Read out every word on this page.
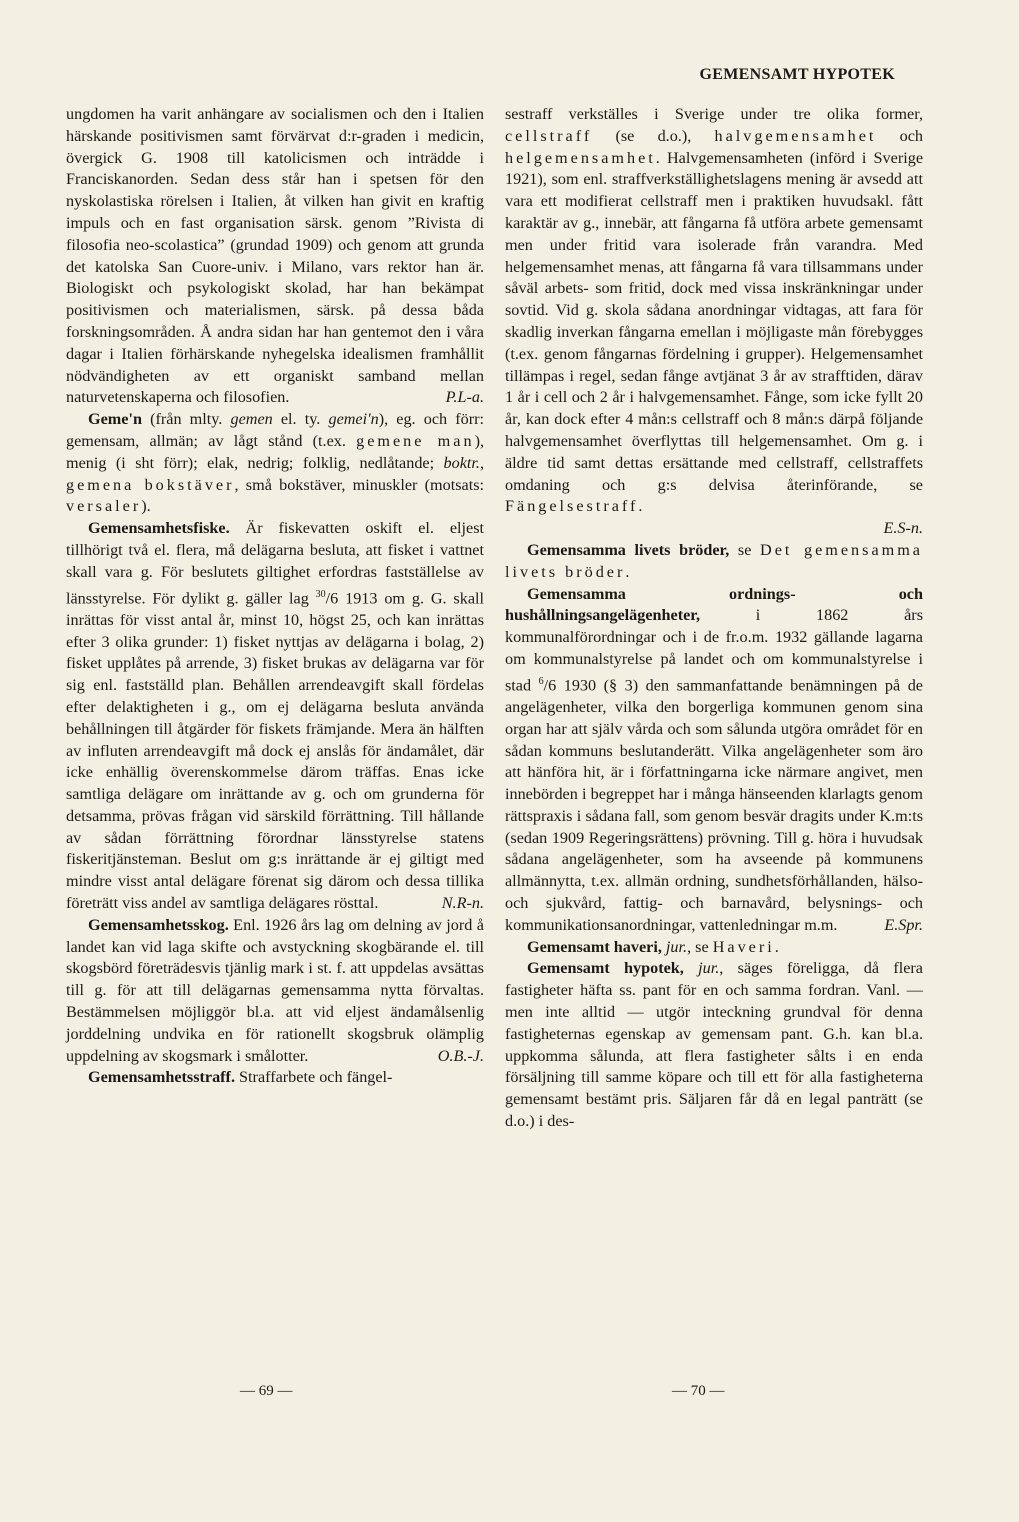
GEMENSAMT HYPOTEK

ungdomen ha varit anhängare av socialismen och den i Italien härskande positivismen samt förvärvat d:r-graden i medicin, övergick G. 1908 till katolicismen och inträdde i Franciskanorden. Sedan dess står han i spetsen för den nyskolastiska rörelsen i Italien, åt vilken han givit en kraftig impuls och en fast organisation särsk. genom ”Rivista di filosofia neo-scolastica” (grundad 1909) och genom att grunda det katolska San Cuore-univ. i Milano, vars rektor han är. Biologiskt och psykologiskt skolad, har han bekämpat positivismen och materialismen, särsk. på dessa båda forskningsområden. Å andra sidan har han gentemot den i våra dagar i Italien förhärskande nyhegelska idealismen framhållit nödvändigheten av ett organiskt samband mellan naturvetenskaperna och filosofien.	P.L-a.

Geme'n (från mlty. gemen el. ty. gemei'n), eg. och förr: gemensam, allmän; av lågt stånd (t.ex. gemene man), menig (i sht förr); elak, nedrig; folklig, nedlåtande; boktr., gemena bokstäver, små bokstäver, minuskler (motsats: versaler).

Gemensamhetsfiske. Är fiskevatten oskift el. eljest tillhörigt två el. flera, må delägarna besluta, att fisket i vattnet skall vara g. För beslutets giltighet erfordras fastställelse av länsstyrelse. För dylikt g. gäller lag $^{30}$/6 1913 om g. G. skall inrättas för visst antal år, minst 10, högst 25, och kan inrättas efter 3 olika grunder: 1) fisket nyttjas av delägarna i bolag, 2) fisket upplåtes på arrende, 3) fisket brukas av delägarna var för sig enl. fastställd plan. Behållen arrendeavgift skall fördelas efter delaktigheten i g., om ej delägarna besluta använda behållningen till åtgärder för fiskets främjande. Mera än hälften av influten arrendeavgift må dock ej anslås för ändamålet, där icke enhällig överenskommelse därom träffas. Enas icke samtliga delägare om inrättande av g. och om grunderna för detsamma, prövas frågan vid särskild förrättning. Till hållande av sådan förrättning förordnar länsstyrelse statens fiskeritjänsteman. Beslut om g:s inrättande är ej giltigt med mindre visst antal delägare förenat sig därom och dessa tillika företrätt viss andel av samtliga delägares rösttal.	N.R-n.

Gemensamhetsskog. Enl. 1926 års lag om delning av jord å landet kan vid laga skifte och avstyckning skogbärande el. till skogsbörd företrädesvis tjänlig mark i st. f. att uppdelas avsättas till g. för att till delägarnas gemensamma nytta förvaltas. Bestämmelsen möjliggör bl.a. att vid eljest ändamålsenlig jorddelning undvika en för rationellt skogsbruk olämplig uppdelning av skogsmark i smålotter.	O.B.-J.

Gemensamhetsstraff. Straffarbete och fängel-

sestraff verkställes i Sverige under tre olika former, cellstraff (se d.o.), halvgemensamhet och helgemensamhet. Halvgemensamheten (införd i Sverige 1921), som enl. straffverkställighetslagens mening är avsedd att vara ett modifierat cellstraff men i praktiken huvudsakl. fått karaktär av g., innebär, att fångarna få utföra arbete gemensamt men under fritid vara isolerade från varandra. Med helgemensamhet menas, att fångarna få vara tillsammans under såväl arbets- som fritid, dock med vissa inskränkningar under sovtid. Vid g. skola sådana anordningar vidtagas, att fara för skadlig inverkan fångarna emellan i möjligaste mån förebygges (t.ex. genom fångarnas fördelning i grupper). Helgemensamhet tillämpas i regel, sedan fånge avtjänat 3 år av strafftiden, därav 1 år i cell och 2 år i halvgemensamhet. Fånge, som icke fyllt 20 år, kan dock efter 4 mån:s cellstraff och 8 mån:s därpå följande halvgemensamhet överflyttas till helgemensamhet. Om g. i äldre tid samt dettas ersättande med cellstraff, cellstraffets omdaning och g:s delvisa återinförande, se Fängelsestraff.

E.S-n.

Gemensamma livets bröder, se Det gemensamma livets bröder.

Gemensamma ordnings- och hushållningsangelägenheter, i 1862 års kommunalförordningar och i de fr.o.m. 1932 gällande lagarna om kommunalstyrelse på landet och om kommunalstyrelse i stad $^6$/6 1930 (§ 3) den sammanfattande benämningen på de angelägenheter, vilka den borgerliga kommunen genom sina organ har att själv vårda och som sålunda utgöra området för en sådan kommuns beslutanderätt. Vilka angelägenheter som äro att hänföra hit, är i författningarna icke närmare angivet, men innebörden i begreppet har i många hänseenden klarlagts genom rättspraxis i sådana fall, som genom besvär dragits under K.m:ts (sedan 1909 Regeringsrättens) prövning. Till g. höra i huvudsak sådana angelägenheter, som ha avseende på kommunens allmännytta, t.ex. allmän ordning, sundhetsförhållanden, hälso- och sjukvård, fattig- och barnavård, belysnings- och kommunikationsanordningar, vattenledningar m.m.	E.Spr.

Gemensamt haveri, jur., se Haveri.

Gemensamt hypotek, jur., säges föreligga, då flera fastigheter häfta ss. pant för en och samma fordran. Vanl. — men inte alltid — utgör inteckning grundval för denna fastigheternas egenskap av gemensam pant. G.h. kan bl.a. uppkomma sålunda, att flera fastigheter sålts i en enda försäljning till samme köpare och till ett för alla fastigheterna gemensamt bestämt pris. Säljaren får då en legal panträtt (se d.o.) i des-

— 69 —	— 70 —
